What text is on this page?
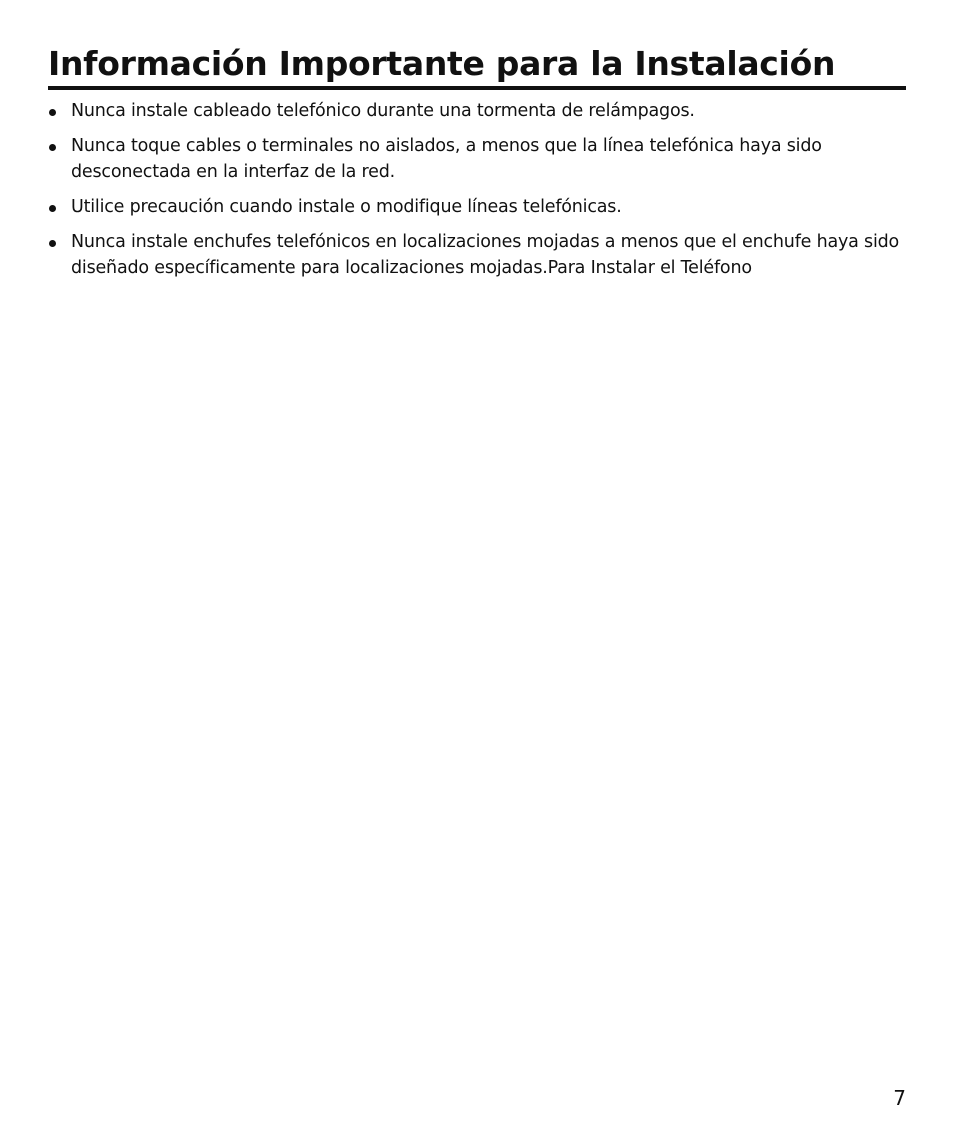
Información Importante para la Instalación
Nunca instale cableado telefónico durante una tormenta de relámpagos.
Nunca toque cables o terminales no aislados, a menos que la línea telefónica haya sido desconectada en la interfaz de la red.
Utilice precaución cuando instale o modifique líneas telefónicas.
Nunca instale enchufes telefónicos en localizaciones mojadas a menos que el enchufe haya sido diseñado específicamente para localizaciones mojadas.Para Instalar el Teléfono
7
